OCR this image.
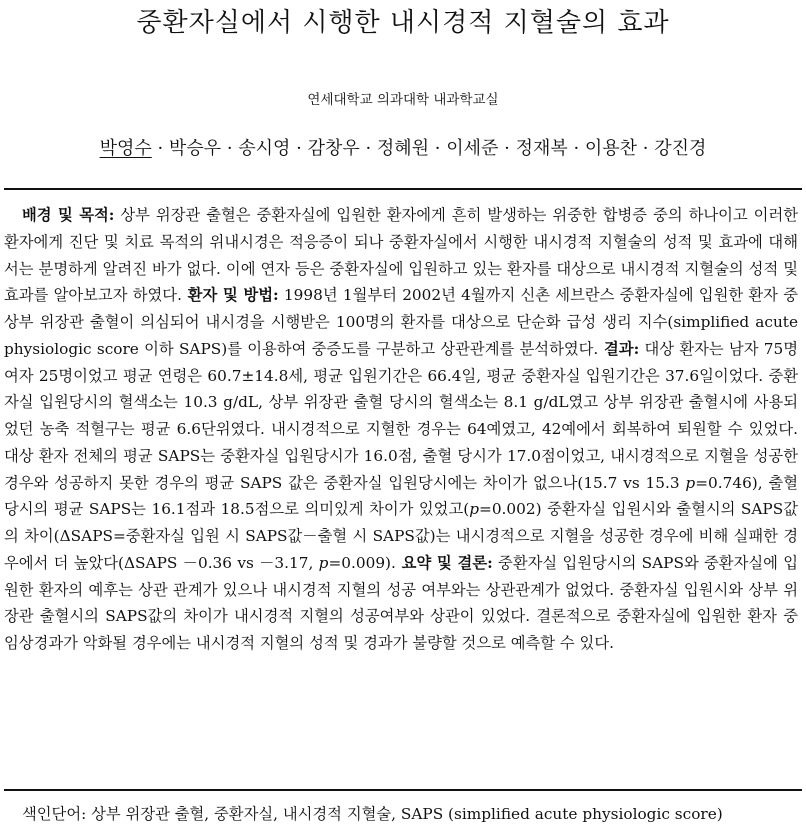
중환자실에서 시행한 내시경적 지혈술의 효과
연세대학교 의과대학 내과학교실
박영수 · 박승우 · 송시영 · 감창우 · 정혜원 · 이세준 · 정재복 · 이용찬 · 강진경

배경 및 목적: 상부 위장관 출혈은 중환자실에 입원한 환자에게 흔히 발생하는 위중한 합병증 중의 하나이고 이러한 환자에게 진단 및 치료 목적의 위내시경은 적응증이 되나 중환자실에서 시행한 내시경적 지혈술의 성적 및 효과에 대해서는 분명하게 알려진 바가 없다. 이에 연자 등은 중환자실에 입원하고 있는 환자를 대상으로 내시경적 지혈술의 성적 및 효과를 알아보고자 하였다. 환자 및 방법: 1998년 1월부터 2002년 4월까지 신촌 세브란스 중환자실에 입원한 환자 중 상부 위장관 출혈이 의심되어 내시경을 시행받은 100명의 환자를 대상으로 단순화 급성 생리 지수(simplified acute physiologic score 이하 SAPS)를 이용하여 중증도를 구분하고 상관관계를 분석하였다. 결과: 대상 환자는 남자 75명 여자 25명이었고 평균 연령은 60.7±14.8세, 평균 입원기간은 66.4일, 평균 중환자실 입원기간은 37.6일이었다. 중환자실 입원당시의 혈색소는 10.3 g/dL, 상부 위장관 출혈 당시의 혈색소는 8.1 g/dL였고 상부 위장관 출혈시에 사용되었던 농축 적혈구는 평균 6.6단위였다. 내시경적으로 지혈한 경우는 64예였고, 42예에서 회복하여 퇴원할 수 있었다. 대상 환자 전체의 평균 SAPS는 중환자실 입원당시가 16.0점, 출혈 당시가 17.0점이었고, 내시경적으로 지혈을 성공한 경우와 성공하지 못한 경우의 평균 SAPS 값은 중환자실 입원당시에는 차이가 없으나(15.7 vs 15.3 p=0.746), 출혈 당시의 평균 SAPS는 16.1점과 18.5점으로 의미있게 차이가 있었고(p=0.002) 중환자실 입원시와 출혈시의 SAPS값의 차이(ΔSAPS=중환자실 입원 시 SAPS값－출혈 시 SAPS값)는 내시경적으로 지혈을 성공한 경우에 비해 실패한 경우에서 더 높았다(ΔSAPS －0.36 vs －3.17, p=0.009). 요약 및 결론: 중환자실 입원당시의 SAPS와 중환자실에 입원한 환자의 예후는 상관 관계가 있으나 내시경적 지혈의 성공 여부와는 상관관계가 없었다. 중환자실 입원시와 상부 위장관 출혈시의 SAPS값의 차이가 내시경적 지혈의 성공여부와 상관이 있었다. 결론적으로 중환자실에 입원한 환자 중 임상경과가 악화될 경우에는 내시경적 지혈의 성적 및 경과가 불량할 것으로 예측할 수 있다.

색인단어: 상부 위장관 출혈, 중환자실, 내시경적 지혈술, SAPS (simplified acute physiologic score)
